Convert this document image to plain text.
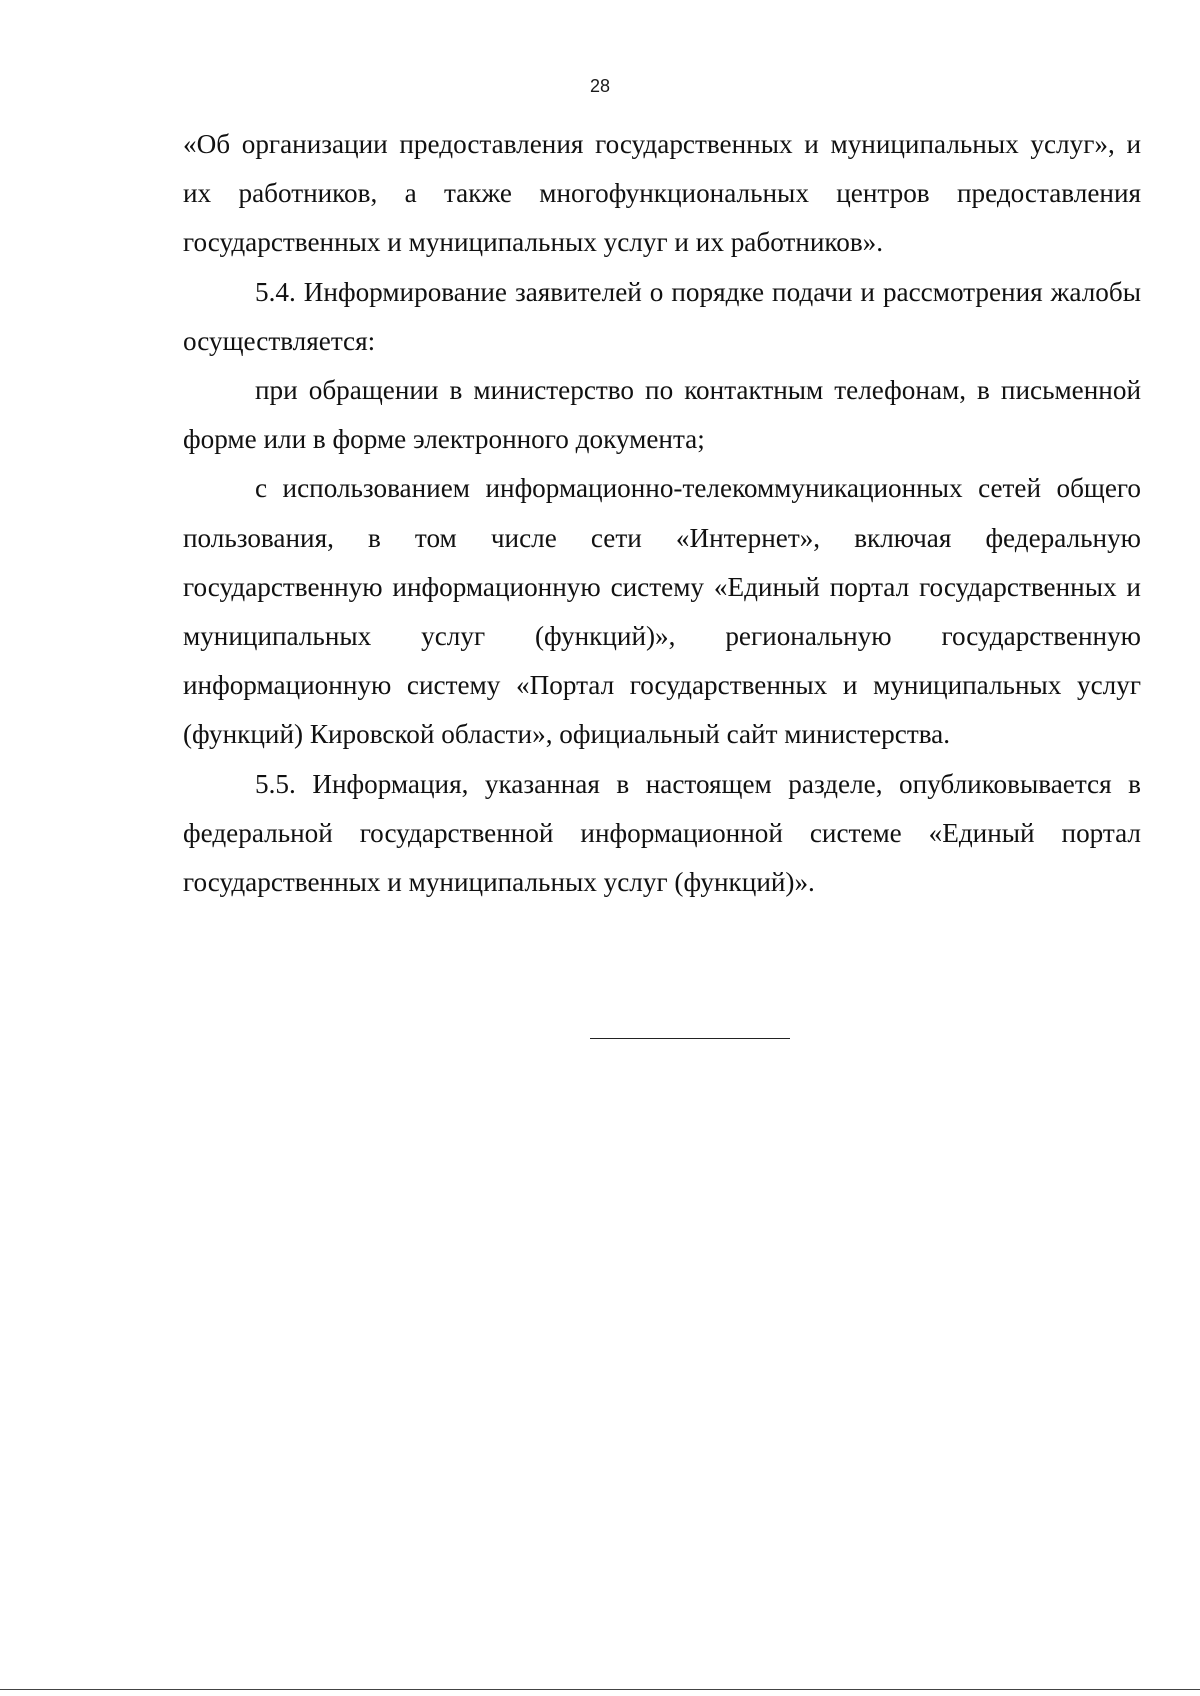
28

«Об организации предоставления государственных и муниципальных услуг», и их работников, а также многофункциональных центров предоставления государственных и муниципальных услуг и их работников».

5.4. Информирование заявителей о порядке подачи и рассмотрения жалобы осуществляется:

при обращении в министерство по контактным телефонам, в письменной форме или в форме электронного документа;

с использованием информационно-телекоммуникационных сетей общего пользования, в том числе сети «Интернет», включая федеральную государственную информационную систему «Единый портал государственных и муниципальных услуг (функций)», региональную государственную информационную систему «Портал государственных и муниципальных услуг (функций) Кировской области», официальный сайт министерства.

5.5. Информация, указанная в настоящем разделе, опубликовывается в федеральной государственной информационной системе «Единый портал государственных и муниципальных услуг (функций)».
